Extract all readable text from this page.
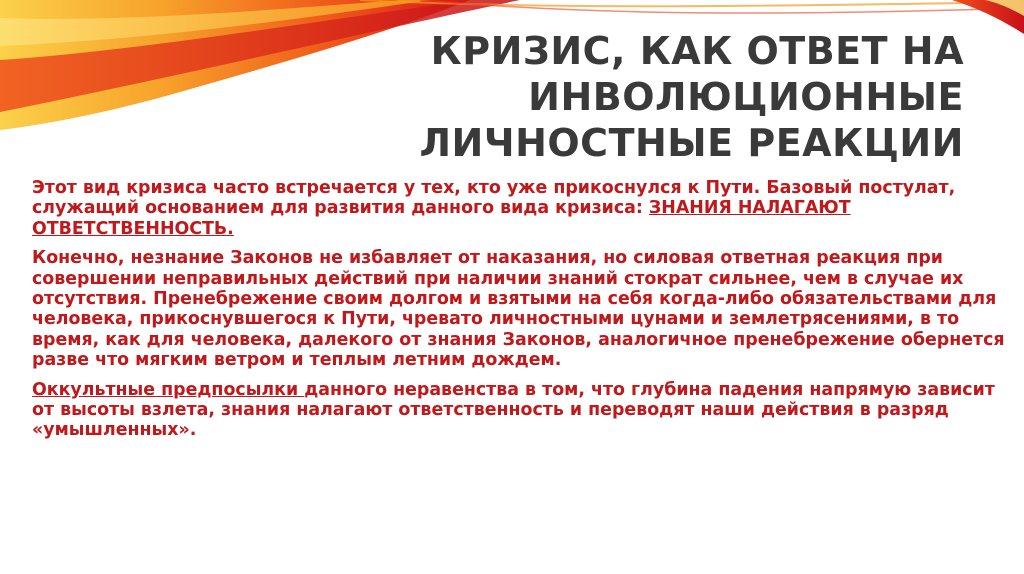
КРИЗИС, КАК ОТВЕТ НА
ИНВОЛЮЦИОННЫЕ
ЛИЧНОСТНЫЕ РЕАКЦИИ

Этот вид кризиса часто встречается у тех, кто уже прикоснулся к Пути. Базовый постулат, служащий основанием для развития данного вида кризиса: ЗНАНИЯ НАЛАГАЮТ ОТВЕТСТВЕННОСТЬ.

Конечно, незнание Законов не избавляет от наказания, но силовая ответная реакция при совершении неправильных действий при наличии знаний стократ сильнее, чем в случае их отсутствия. Пренебрежение своим долгом и взятыми на себя когда-либо обязательствами для человека, прикоснувшегося к Пути, чревато личностными цунами и землетрясениями, в то время, как для человека, далекого от знания Законов, аналогичное пренебрежение обернется разве что мягким ветром и теплым летним дождем.

Оккультные предпосылки данного неравенства в том, что глубина падения напрямую зависит от высоты взлета, знания налагают ответственность и переводят наши действия в разряд «умышленных».
